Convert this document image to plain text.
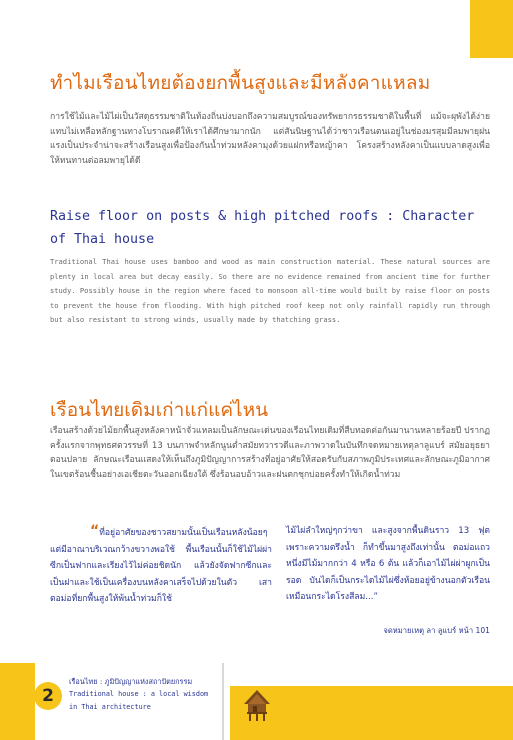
ทำไมเรือนไทยต้องยกพื้นสูงและมีหลังคาแหลม
การใช้ไม้และไม้ไผ่เป็นวัสดุธรรมชาติในท้องถิ่นบ่งบอกถึงความสมบูรณ์ของทรัพยากรธรรมชาติในพื้นที่ แม้จะผุพังได้ง่ายแทบไม่เหลือหลักฐานทางโบราณคดีให้เราได้ศึกษามากนัก แต่สันนิษฐานได้ว่าชาวเรือนตนเอยู่ในช่องมรสุมมีลมพายุฝนแรงเป็นประจำน่าจะสร้างเรือนสูงเพื่อป้องกันน้ำท่วมหลังคามุงด้วยแฝกหรือหญ้าคา โครงสร้างหลังคาเป็นแบบลาดสูงเพื่อให้ทนทานต่อลมพายุได้ดี
Raise floor on posts & high pitched roofs : Character of Thai house
Traditional Thai house uses bamboo and wood as main construction material. These natural sources are plenty in local area but decay easily. So there are no evidence remained from ancient time for further study. Possibly house in the region where faced to monsoon all-time would built by raise floor on posts to prevent the house from flooding. With high pitched roof keep not only rainfall rapidly run through but also resistant to strong winds, usually made by thatching grass.
เรือนไทยเดิมเก่าแก่แค่ไหน
เรือนสร้างด้วยไม้ยกพื้นสูงหลังคาหน้าจั่วแหลมเป็นลักษณะเด่นของเรือนไทยเดิมที่สืบทอดต่อกันมานานหลายร้อยปี ปรากฏครั้งแรกจากพุทธศตวรรษที่ 13 บนภาพจำหลักนูนต่ำสมัยทวารวดีและภาพวาดในบันทึกจดหมายเหตุลาลูแบร์ สมัยอยุธยาตอนปลาย ลักษณะเรือนแสดงให้เห็นถึงภูมิปัญญาการสร้างที่อยู่อาศัยให้สอดรับกับสภาพภูมิประเทศและลักษณะภูมิอากาศในเขตร้อนชื้นอย่างเอเชียตะวันออกเฉียงใต้ ซึ่งร้อนอบอ้าวและฝนตกชุกบ่อยครั้งทำให้เกิดน้ำท่วม
“ที่อยู่อาศัยของชาวสยามนั้นเป็นเรือนหลังน้อยๆ แต่มีอาณาบริเวณกว้างขวางพอใช้ พื้นเรือนนั้นก็ใช้ไม้ไผ่ผ่าซีกเป็นฟากและเรียงไว้ไม่ค่อยชิดนัก แล้วยังจัดฟากซีกและเป็นฝาและใช้เป็นเครื่องบนหลังคาเสร็จไปด้วยในตัว เสาตอม่อที่ยกพื้นสูงให้พ้นน้ำท่วมก็ใช้
ไม้ไผ่ลำใหญ่ๆกว่าขา และสูงจากพื้นดินราว 13 ฟุต เพราะความตรึงน้ำ ก็ทำขึ้นมาสูงถึงเท่านั้น ตอม่อแถวหนึ่งมีไม้มากกว่า 4 หรือ 6 ต้น แล้วก็เอาไม้ไผ่ผ่าผูกเป็นรอด บันไดก็เป็นกระไดไม้ไผ่ซึ่งห้อยอยู่ข้างนอกตัวเรือนเหมือนกระไดโรงสีลม...”
จดหมายเหตุ ลา ลูแบร์ หน้า 101
2
เรือนไทย : ภูมิปัญญาแห่งสถาปัตยกรรม
Traditional house : a local wisdom
in Thai architecture
